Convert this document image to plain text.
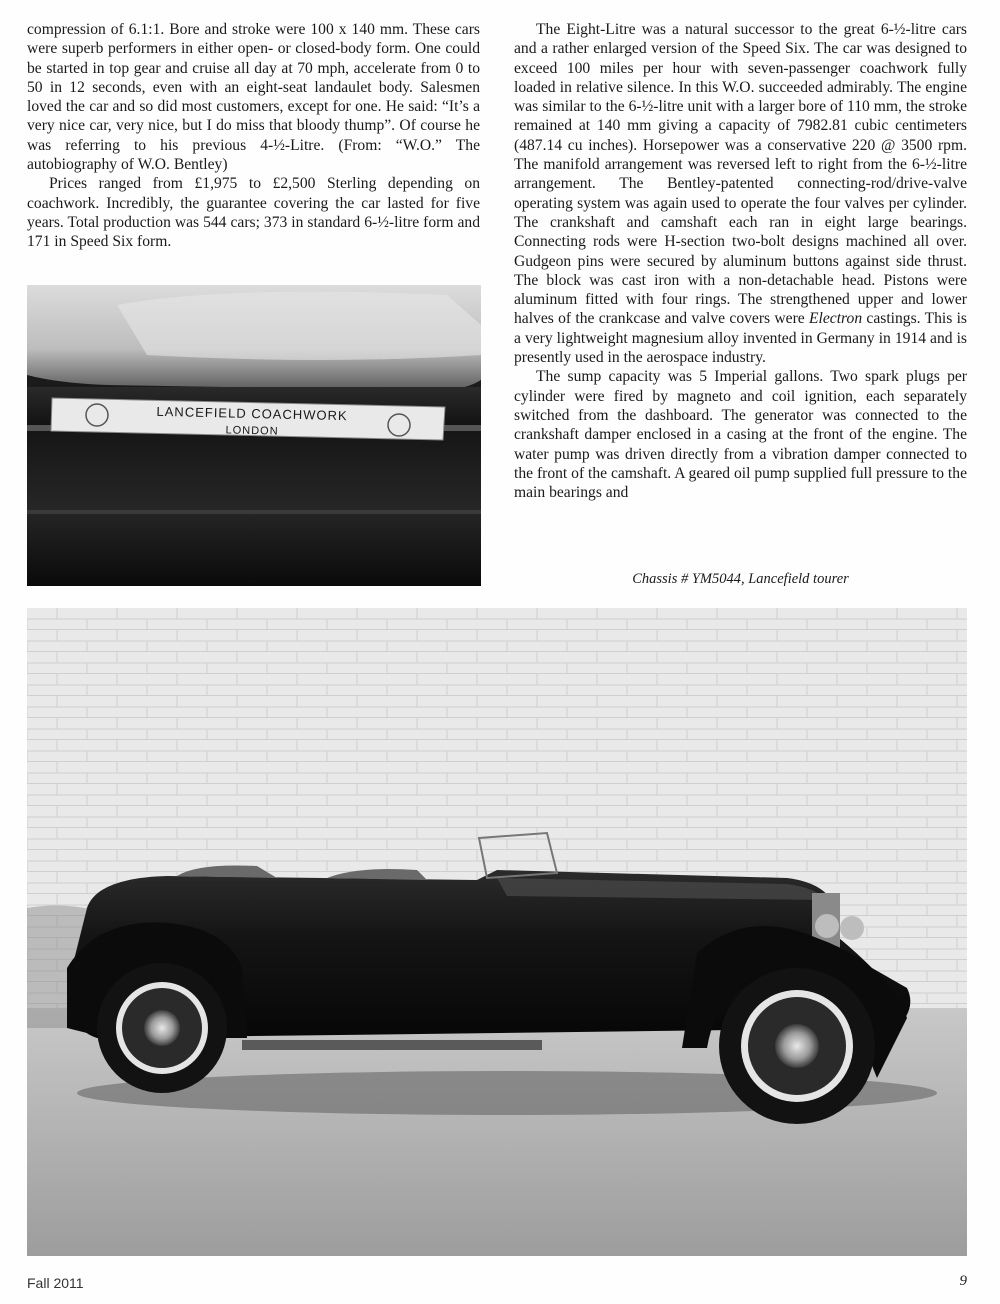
compression of 6.1:1. Bore and stroke were 100 x 140 mm. These cars were superb performers in either open- or closed-body form. One could be started in top gear and cruise all day at 70 mph, accelerate from 0 to 50 in 12 seconds, even with an eight-seat landaulet body. Salesmen loved the car and so did most customers, except for one. He said: “It’s a very nice car, very nice, but I do miss that bloody thump”. Of course he was referring to his previous 4-½-Litre. (From: “W.O.” The autobiography of W.O. Bentley)

Prices ranged from £1,975 to £2,500 Sterling depending on coachwork. Incredibly, the guarantee covering the car lasted for five years. Total production was 544 cars; 373 in standard 6-½-litre form and 171 in Speed Six form.

The Eight-Litre was a natural successor to the great 6-½-litre cars and a rather enlarged version of the Speed Six. The car was designed to exceed 100 miles per hour with seven-passenger coachwork fully loaded in relative silence. In this W.O. succeeded admirably. The engine was similar to the 6-½-litre unit with a larger bore of 110 mm, the stroke remained at 140 mm giving a capacity of 7982.81 cubic centimeters (487.14 cu inches). Horsepower was a conservative 220 @ 3500 rpm. The manifold arrangement was reversed left to right from the 6-½-litre arrangement. The Bentley-patented connecting-rod/drive-valve operating system was again used to operate the four valves per cylinder. The crankshaft and camshaft each ran in eight large bearings. Connecting rods were H-section two-bolt designs machined all over. Gudgeon pins were secured by aluminum buttons against side thrust. The block was cast iron with a non-detachable head. Pistons were aluminum fitted with four rings. The strengthened upper and lower halves of the crankcase and valve covers were Electron castings. This is a very lightweight magnesium alloy invented in Germany in 1914 and is presently used in the aerospace industry.

The sump capacity was 5 Imperial gallons. Two spark plugs per cylinder were fired by magneto and coil ignition, each separately switched from the dashboard. The generator was connected to the crankshaft damper enclosed in a casing at the front of the engine. The water pump was driven directly from a vibration damper connected to the front of the camshaft. A geared oil pump supplied full pressure to the main bearings and

LANCEFIELD COACHWORK
LONDON
Chassis # YM5044, Lancefield tourer
Fall 2011	9
